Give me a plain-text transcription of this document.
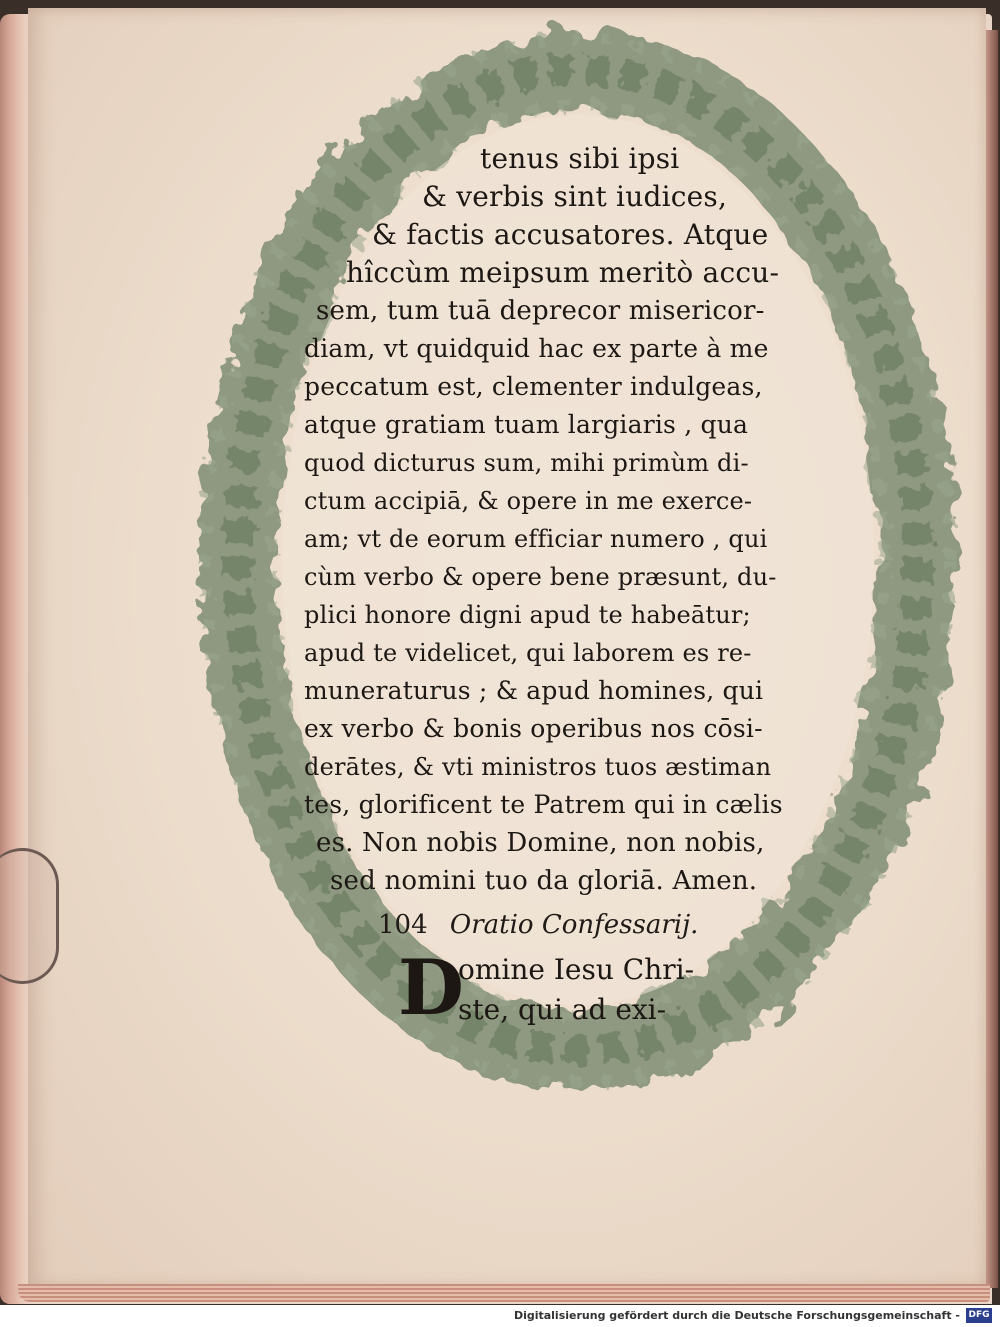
tenus sibi ipsi
& verbis sint iudices,
& factis accusatores. Atque
hîccùm meipsum meritò accu-
sem, tum tuā deprecor misericor-
diam, vt quidquid hac ex parte à me
peccatum est, clementer indulgeas,
atque gratiam tuam largiaris , qua
quod dicturus sum, mihi primùm di-
ctum accipiā, & opere in me exerce-
am; vt de eorum efficiar numero , qui
cùm verbo & opere bene præsunt, du-
plici honore digni apud te habeātur;
apud te videlicet, qui laborem es re-
muneraturus ; & apud homines, qui
ex verbo & bonis operibus nos cōsi-
derātes, & vti ministros tuos æstiman
tes, glorificent te Patrem qui in cælis
es. Non nobis Domine, non nobis,
sed nomini tuo da gloriā. Amen.
104 Oratio Confessarij.
D
omine Iesu Chri-
ste, qui ad exi-
Digitalisierung gefördert durch die Deutsche Forschungsgemeinschaft - DFG
